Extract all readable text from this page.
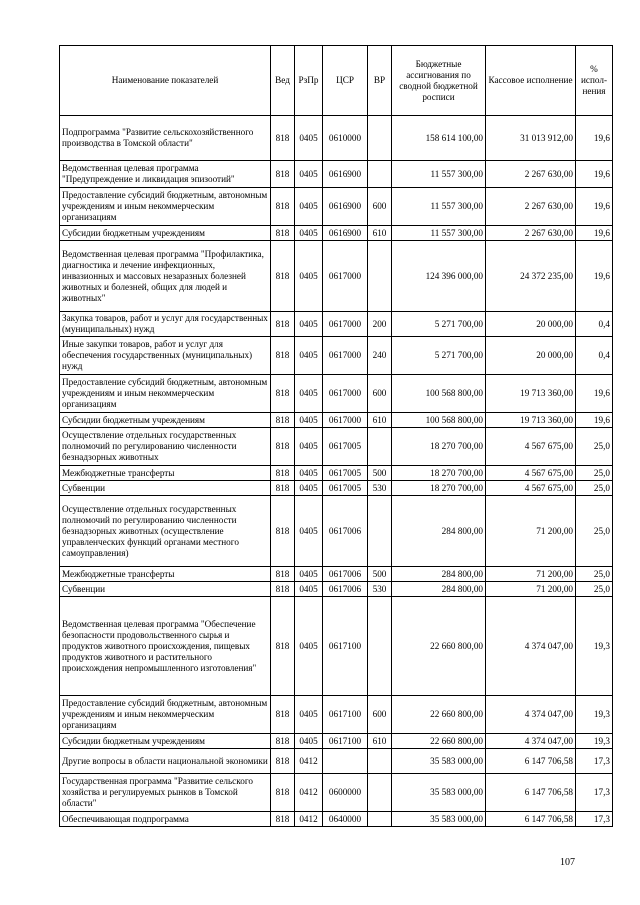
Наименование показателей	Вед	РзПр	ЦСР	ВР	Бюджетные ассигнования по сводной бюджетной росписи	Кассовое исполнение	% испол-нения
Подпрограмма "Развитие сельскохозяйственного производства в Томской области"	818	0405	0610000		158 614 100,00	31 013 912,00	19,6
Ведомственная целевая программа "Предупреждение и ликвидация эпизоотий"	818	0405	0616900		11 557 300,00	2 267 630,00	19,6
Предоставление субсидий бюджетным, автономным учреждениям и иным некоммерческим организациям	818	0405	0616900	600	11 557 300,00	2 267 630,00	19,6
Субсидии бюджетным учреждениям	818	0405	0616900	610	11 557 300,00	2 267 630,00	19,6
Ведомственная целевая программа "Профилактика, диагностика и лечение инфекционных, инвазионных и массовых незаразных болезней животных и болезней, общих для людей и животных"	818	0405	0617000		124 396 000,00	24 372 235,00	19,6
Закупка товаров, работ и услуг для государственных (муниципальных) нужд	818	0405	0617000	200	5 271 700,00	20 000,00	0,4
Иные закупки товаров, работ и услуг для обеспечения государственных (муниципальных) нужд	818	0405	0617000	240	5 271 700,00	20 000,00	0,4
Предоставление субсидий бюджетным, автономным учреждениям и иным некоммерческим организациям	818	0405	0617000	600	100 568 800,00	19 713 360,00	19,6
Субсидии бюджетным учреждениям	818	0405	0617000	610	100 568 800,00	19 713 360,00	19,6
Осуществление отдельных государственных полномочий по регулированию численности безнадзорных животных	818	0405	0617005		18 270 700,00	4 567 675,00	25,0
Межбюджетные трансферты	818	0405	0617005	500	18 270 700,00	4 567 675,00	25,0
Субвенции	818	0405	0617005	530	18 270 700,00	4 567 675,00	25,0
Осуществление отдельных государственных полномочий по регулированию численности безнадзорных животных (осуществление управленческих функций органами местного самоуправления)	818	0405	0617006		284 800,00	71 200,00	25,0
Межбюджетные трансферты	818	0405	0617006	500	284 800,00	71 200,00	25,0
Субвенции	818	0405	0617006	530	284 800,00	71 200,00	25,0
Ведомственная целевая программа "Обеспечение безопасности продовольственного сырья и продуктов животного происхождения, пищевых продуктов животного и растительного происхождения непромышленного изготовления"	818	0405	0617100		22 660 800,00	4 374 047,00	19,3
Предоставление субсидий бюджетным, автономным учреждениям и иным некоммерческим организациям	818	0405	0617100	600	22 660 800,00	4 374 047,00	19,3
Субсидии бюджетным учреждениям	818	0405	0617100	610	22 660 800,00	4 374 047,00	19,3
Другие вопросы в области национальной экономики	818	0412			35 583 000,00	6 147 706,58	17,3
Государственная программа "Развитие сельского хозяйства и регулируемых рынков в Томской области"	818	0412	0600000		35 583 000,00	6 147 706,58	17,3
Обеспечивающая подпрограмма	818	0412	0640000		35 583 000,00	6 147 706,58	17,3
107
